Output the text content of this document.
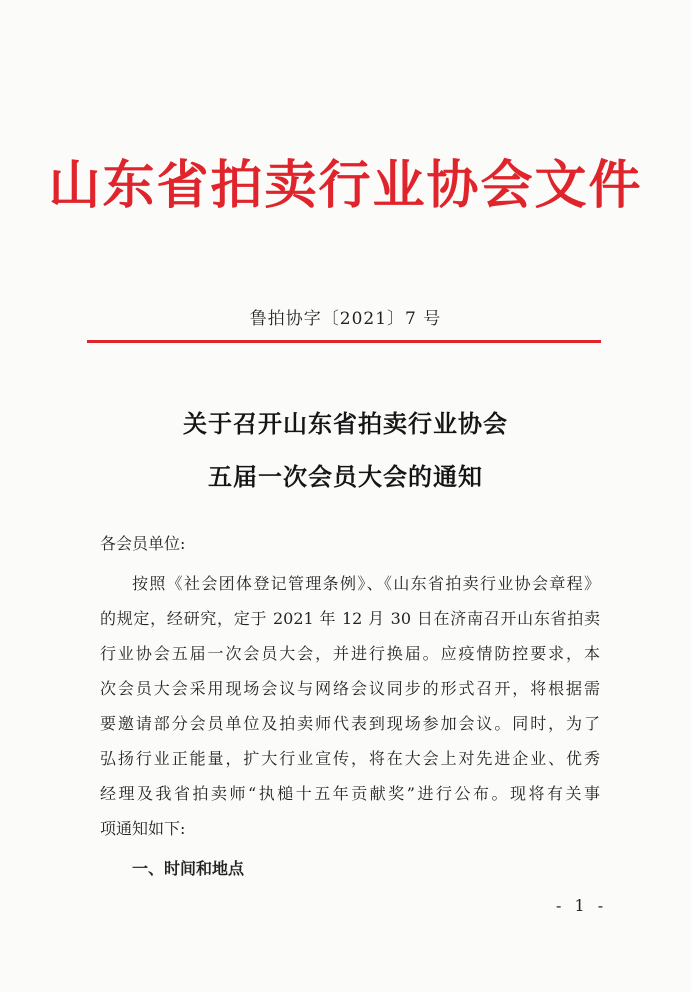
山东省拍卖行业协会文件
鲁拍协字〔2021〕7 号
关于召开山东省拍卖行业协会
五届一次会员大会的通知
各会员单位:
按照《社会团体登记管理条例》、《山东省拍卖行业协会章程》
的规定，经研究，定于 2021 年 12 月 30 日在济南召开山东省拍卖
行业协会五届一次会员大会，并进行换届。应疫情防控要求，本
次会员大会采用现场会议与网络会议同步的形式召开，将根据需
要邀请部分会员单位及拍卖师代表到现场参加会议。同时，为了
弘扬行业正能量，扩大行业宣传，将在大会上对先进企业、优秀
经理及我省拍卖师“执槌十五年贡献奖”进行公布。现将有关事
项通知如下:
一、时间和地点
- 1 -
